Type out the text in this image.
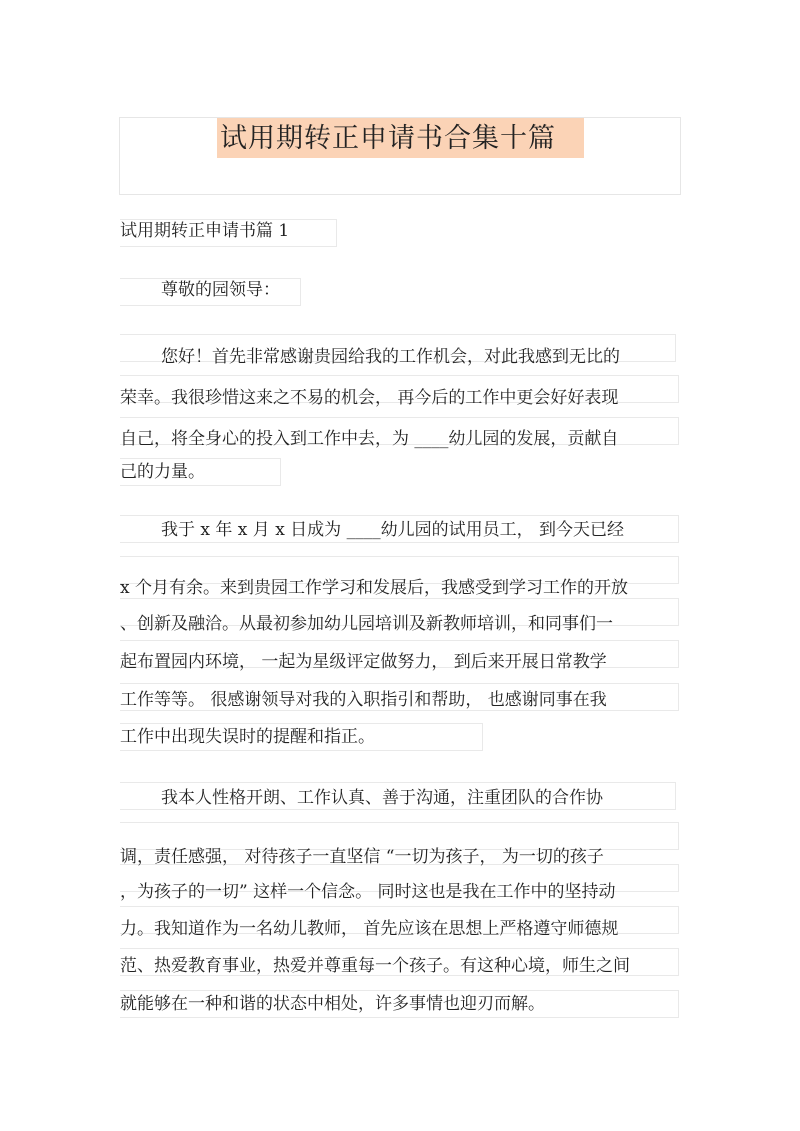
试用期转正申请书合集十篇
试用期转正申请书篇 1
尊敬的园领导：
您好！首先非常感谢贵园给我的工作机会，对此我感到无比的
荣幸。我很珍惜这来之不易的机会， 再今后的工作中更会好好表现
自己，将全身心的投入到工作中去，为 ____幼儿园的发展，贡献自
己的力量。
我于 x 年 x 月 x 日成为 ____幼儿园的试用员工， 到今天已经
x 个月有余。来到贵园工作学习和发展后，我感受到学习工作的开放
、创新及融洽。从最初参加幼儿园培训及新教师培训，和同事们一
起布置园内环境， 一起为星级评定做努力， 到后来开展日常教学
工作等等。 很感谢领导对我的入职指引和帮助， 也感谢同事在我
工作中出现失误时的提醒和指正。
我本人性格开朗、工作认真、善于沟通，注重团队的合作协
调，责任感强， 对待孩子一直坚信 “一切为孩子， 为一切的孩子
，为孩子的一切” 这样一个信念。 同时这也是我在工作中的坚持动
力。我知道作为一名幼儿教师， 首先应该在思想上严格遵守师德规
范、热爱教育事业，热爱并尊重每一个孩子。有这种心境，师生之间
就能够在一种和谐的状态中相处，许多事情也迎刃而解。
